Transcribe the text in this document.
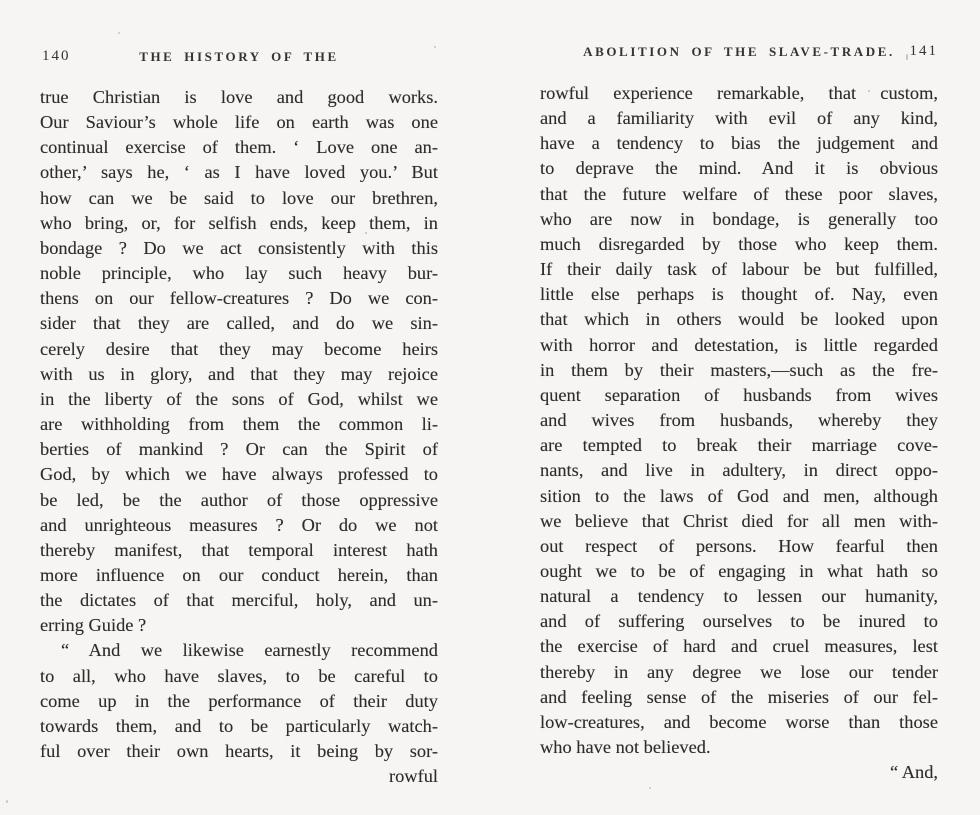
140	THE HISTORY OF THE
true Christian is love and good works.
Our Saviour’s whole life on earth was one
continual exercise of them. ‘ Love one an-
other,’ says he, ‘ as I have loved you.’ But
how can we be said to love our brethren,
who bring, or, for selfish ends, keep them, in
bondage ? Do we act consistently with this
noble principle, who lay such heavy bur-
thens on our fellow-creatures ? Do we con-
sider that they are called, and do we sin-
cerely desire that they may become heirs
with us in glory, and that they may rejoice
in the liberty of the sons of God, whilst we
are withholding from them the common li-
berties of mankind ? Or can the Spirit of
God, by which we have always professed to
be led, be the author of those oppressive
and unrighteous measures ? Or do we not
thereby manifest, that temporal interest hath
more influence on our conduct herein, than
the dictates of that merciful, holy, and un-
erring Guide ?
“ And we likewise earnestly recommend
to all, who have slaves, to be careful to
come up in the performance of their duty
towards them, and to be particularly watch-
ful over their own hearts, it being by sor-
rowful
ABOLITION OF THE SLAVE-TRADE. 141
rowful experience remarkable, that custom,
and a familiarity with evil of any kind,
have a tendency to bias the judgement and
to deprave the mind. And it is obvious
that the future welfare of these poor slaves,
who are now in bondage, is generally too
much disregarded by those who keep them.
If their daily task of labour be but fulfilled,
little else perhaps is thought of. Nay, even
that which in others would be looked upon
with horror and detestation, is little regarded
in them by their masters,—such as the fre-
quent separation of husbands from wives
and wives from husbands, whereby they
are tempted to break their marriage cove-
nants, and live in adultery, in direct oppo-
sition to the laws of God and men, although
we believe that Christ died for all men with-
out respect of persons. How fearful then
ought we to be of engaging in what hath so
natural a tendency to lessen our humanity,
and of suffering ourselves to be inured to
the exercise of hard and cruel measures, lest
thereby in any degree we lose our tender
and feeling sense of the miseries of our fel-
low-creatures, and become worse than those
who have not believed.
“ And,
